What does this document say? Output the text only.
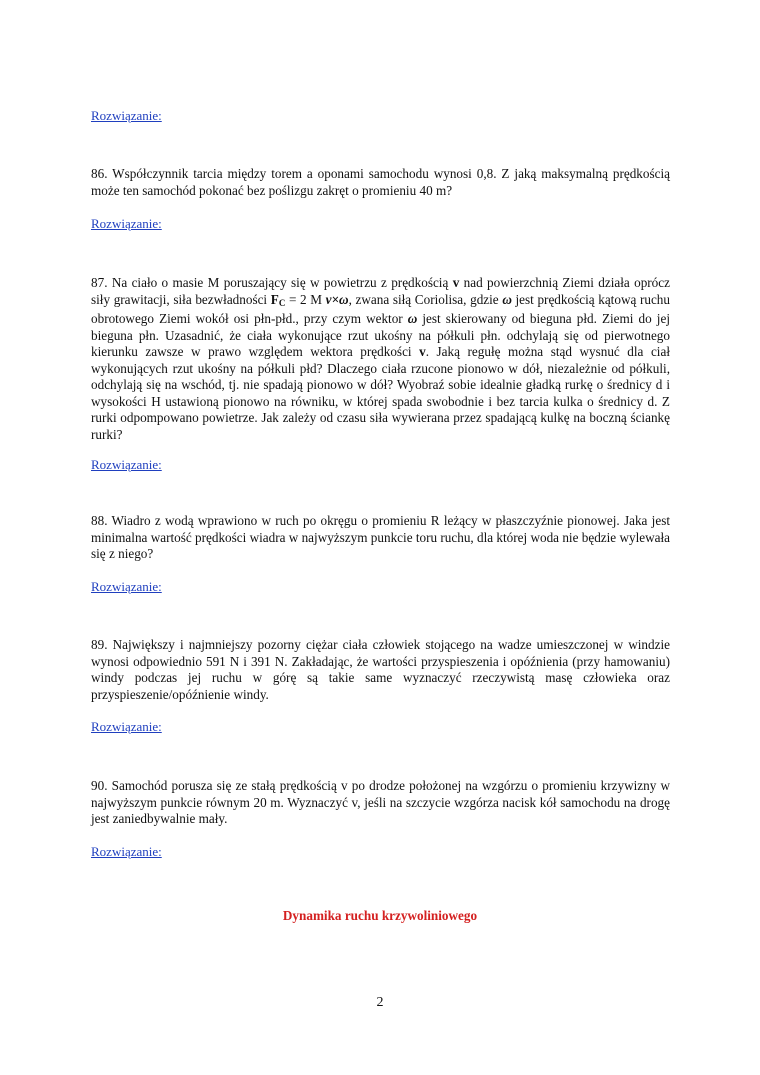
Rozwiązanie:
86. Współczynnik tarcia między torem a oponami samochodu wynosi 0,8. Z jaką maksymalną prędkością może ten samochód pokonać bez poślizgu zakręt o promieniu 40 m?
Rozwiązanie:
87. Na ciało o masie M poruszający się w powietrzu z prędkością v nad powierzchnią Ziemi działa oprócz siły grawitacji, siła bezwładności $F_C = 2$ M v×ω, zwana siłą Coriolisa, gdzie ω jest prędkością kątową ruchu obrotowego Ziemi wokół osi płn-płd., przy czym wektor ω jest skierowany od bieguna płd. Ziemi do jej bieguna płn. Uzasadnić, że ciała wykonujące rzut ukośny na półkuli płn. odchylają się od pierwotnego kierunku zawsze w prawo względem wektora prędkości v. Jaką regułę można stąd wysnuć dla ciał wykonujących rzut ukośny na półkuli płd? Dlaczego ciała rzucone pionowo w dół, niezależnie od półkuli, odchylają się na wschód, tj. nie spadają pionowo w dół? Wyobraź sobie idealnie gładką rurkę o średnicy d i wysokości H ustawioną pionowo na równiku, w której spada swobodnie i bez tarcia kulka o średnicy d. Z rurki odpompowano powietrze. Jak zależy od czasu siła wywierana przez spadającą kulkę na boczną ściankę rurki?
Rozwiązanie:
88. Wiadro z wodą wprawiono w ruch po okręgu o promieniu R leżący w płaszczyźnie pionowej. Jaka jest minimalna wartość prędkości wiadra w najwyższym punkcie toru ruchu, dla której woda nie będzie wylewała się z niego?
Rozwiązanie:
89. Największy i najmniejszy pozorny ciężar ciała człowiek stojącego na wadze umieszczonej w windzie wynosi odpowiednio 591 N i 391 N. Zakładając, że wartości przyspieszenia i opóźnienia (przy hamowaniu) windy podczas jej ruchu w górę są takie same wyznaczyć rzeczywistą masę człowieka oraz przyspieszenie/opóźnienie windy.
Rozwiązanie:
90. Samochód porusza się ze stałą prędkością v po drodze położonej na wzgórzu o promieniu krzywizny w najwyższym punkcie równym 20 m. Wyznaczyć v, jeśli na szczycie wzgórza nacisk kół samochodu na drogę jest zaniedbywalnie mały.
Rozwiązanie:
Dynamika ruchu krzywoliniowego
2
